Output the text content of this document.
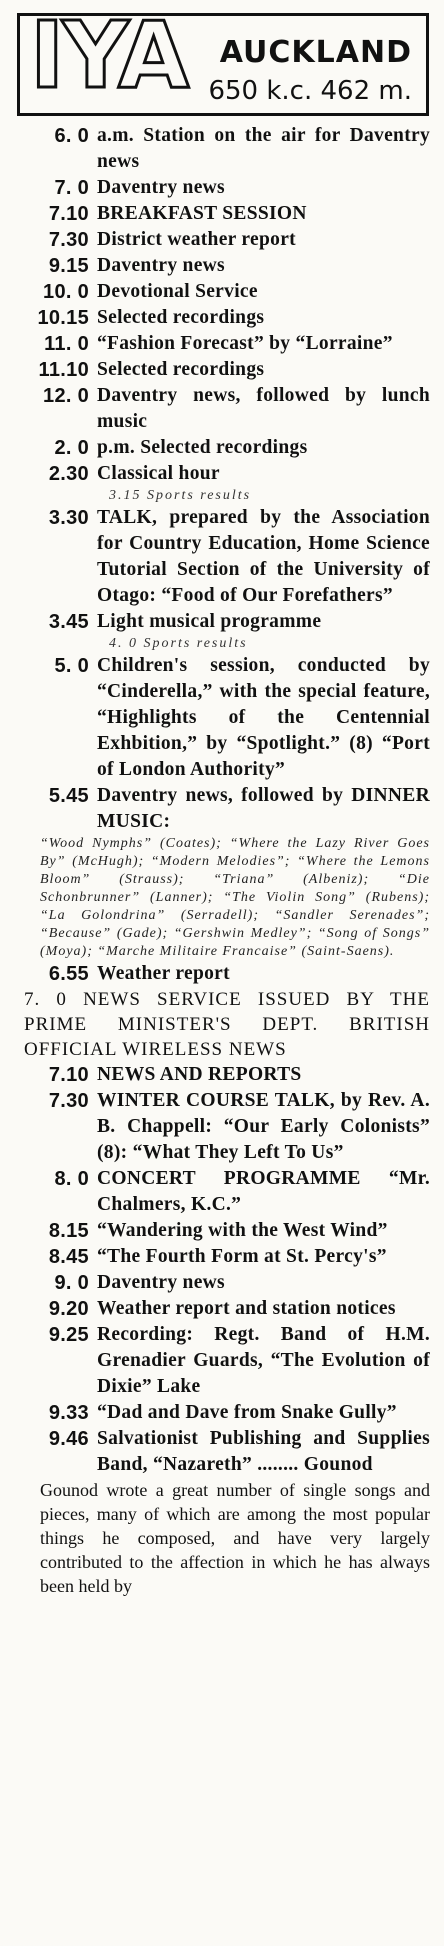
IYA AUCKLAND
650 k.c. 462 m.
6. 0 a.m. Station on the air for Daventry news
7. 0 Daventry news
7.10 BREAKFAST SESSION
7.30 District weather report
9.15 Daventry news
10. 0 Devotional Service
10.15 Selected recordings
11. 0 “Fashion Forecast” by “Lorraine”
11.10 Selected recordings
12. 0 Daventry news, followed by lunch music
2. 0 p.m. Selected recordings
2.30 Classical hour
3.15 Sports results
3.30 TALK, prepared by the Association for Country Education, Home Science Tutorial Section of the University of Otago: “Food of Our Forefathers”
3.45 Light musical programme
4. 0 Sports results
5. 0 Children's session, conducted by “Cinderella,” with the special feature, “Highlights of the Centennial Exhbition,” by “Spotlight.” (8) “Port of London Authority”
5.45 Daventry news, followed by DINNER MUSIC:
“Wood Nymphs” (Coates); “Where the Lazy River Goes By” (McHugh); “Modern Melodies”; “Where the Lemons Bloom” (Strauss); “Triana” (Albeniz); “Die Schonbrunner” (Lanner); “The Violin Song” (Rubens); “La Golondrina” (Serradell); “Sandler Serenades”; “Because” (Gade); “Gershwin Medley”; “Song of Songs” (Moya); “Marche Militaire Francaise” (Saint-Saens).
6.55 Weather report
7. 0 NEWS SERVICE ISSUED BY THE PRIME MINISTER'S DEPT. BRITISH OFFICIAL WIRELESS NEWS
7.10 NEWS AND REPORTS
7.30 WINTER COURSE TALK, by Rev. A. B. Chappell: “Our Early Colonists” (8): “What They Left To Us”
8. 0 CONCERT PROGRAMME “Mr. Chalmers, K.C.”
8.15 “Wandering with the West Wind”
8.45 “The Fourth Form at St. Percy's”
9. 0 Daventry news
9.20 Weather report and station notices
9.25 Recording: Regt. Band of H.M. Grenadier Guards, “The Evolution of Dixie” Lake
9.33 “Dad and Dave from Snake Gully”
9.46 Salvationist Publishing and Supplies Band, “Nazareth” ........ Gounod
Gounod wrote a great number of single songs and pieces, many of which are among the most popular things he composed, and have very largely contributed to the affection in which he has always been held by
